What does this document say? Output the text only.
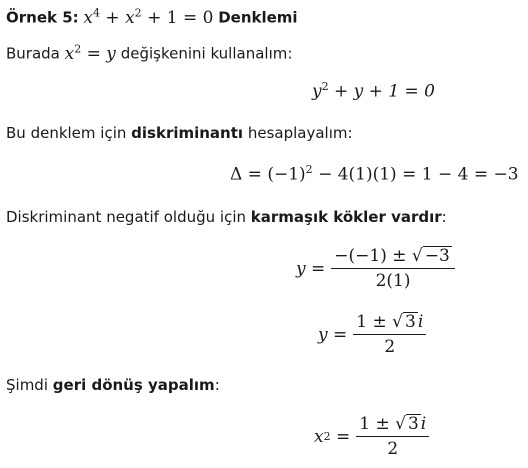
Örnek 5: $x^4 + x^2 + 1 = 0$ Denklemi
Burada $x^2 = y$ değişkenini kullanalım:
$y^2 + y + 1 = 0$
Bu denklem için diskriminantı hesaplayalım:
$\Delta = (-1)^2 - 4(1)(1) = 1 - 4 = -3$
Diskriminant negatif olduğu için karmaşık kökler vardır:
$y = \frac{-(-1) \pm √ -3}{2(1)}$
$y = \frac{1 \pm √ 3 i}{2}$
Şimdi geri dönüş yapalım:
x 2
= $\frac{1 \pm √ 3 i}{2}$
